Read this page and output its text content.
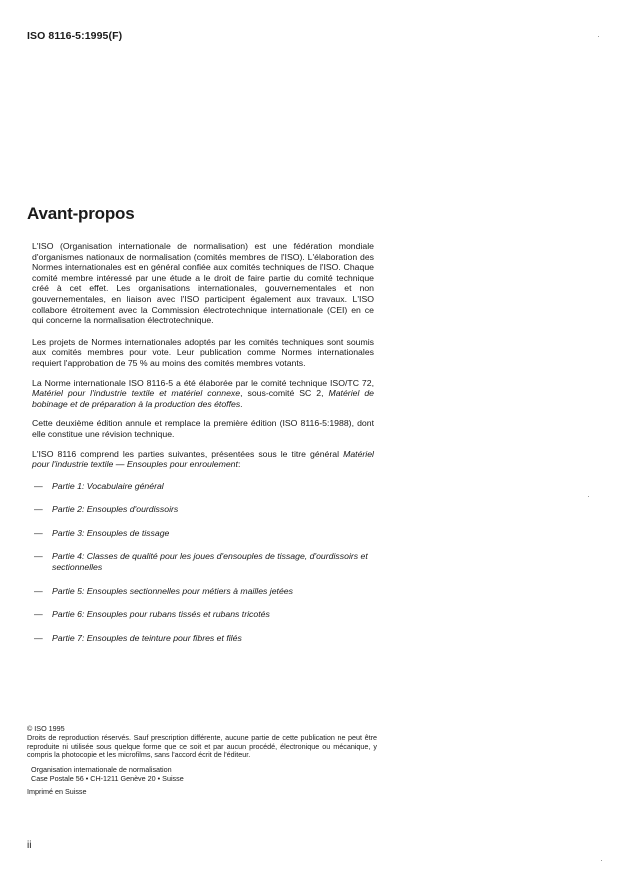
ISO 8116-5:1995(F)
Avant-propos

L'ISO (Organisation internationale de normalisation) est une fédération mondiale d'organismes nationaux de normalisation (comités membres de l'ISO). L'élaboration des Normes internationales est en général confiée aux comités techniques de l'ISO. Chaque comité membre intéressé par une étude a le droit de faire partie du comité technique créé à cet effet. Les organisations internationales, gouvernementales et non gouvernementales, en liaison avec l'ISO participent également aux travaux. L'ISO collabore étroitement avec la Commission électrotechnique internationale (CEI) en ce qui concerne la normalisation électrotechnique.

Les projets de Normes internationales adoptés par les comités techniques sont soumis aux comités membres pour vote. Leur publication comme Normes internationales requiert l'approbation de 75 % au moins des comités membres votants.

La Norme internationale ISO 8116-5 a été élaborée par le comité technique ISO/TC 72, Matériel pour l'industrie textile et matériel connexe, sous-comité SC 2, Matériel de bobinage et de préparation à la production des étoffes.

Cette deuxième édition annule et remplace la première édition (ISO 8116-5:1988), dont elle constitue une révision technique.

L'ISO 8116 comprend les parties suivantes, présentées sous le titre général Matériel pour l'industrie textile — Ensouples pour enroulement:

— Partie 1: Vocabulaire général
— Partie 2: Ensouples d'ourdissoirs
— Partie 3: Ensouples de tissage
— Partie 4: Classes de qualité pour les joues d'ensouples de tissage, d'ourdissoirs et sectionnelles
— Partie 5: Ensouples sectionnelles pour métiers à mailles jetées
— Partie 6: Ensouples pour rubans tissés et rubans tricotés
— Partie 7: Ensouples de teinture pour fibres et filés
© ISO 1995
Droits de reproduction réservés. Sauf prescription différente, aucune partie de cette publication ne peut être reproduite ni utilisée sous quelque forme que ce soit et par aucun procédé, électronique ou mécanique, y compris la photocopie et les microfilms, sans l'accord écrit de l'éditeur.
Organisation internationale de normalisation
Case Postale 56 • CH-1211 Genève 20 • Suisse
Imprimé en Suisse
ii
